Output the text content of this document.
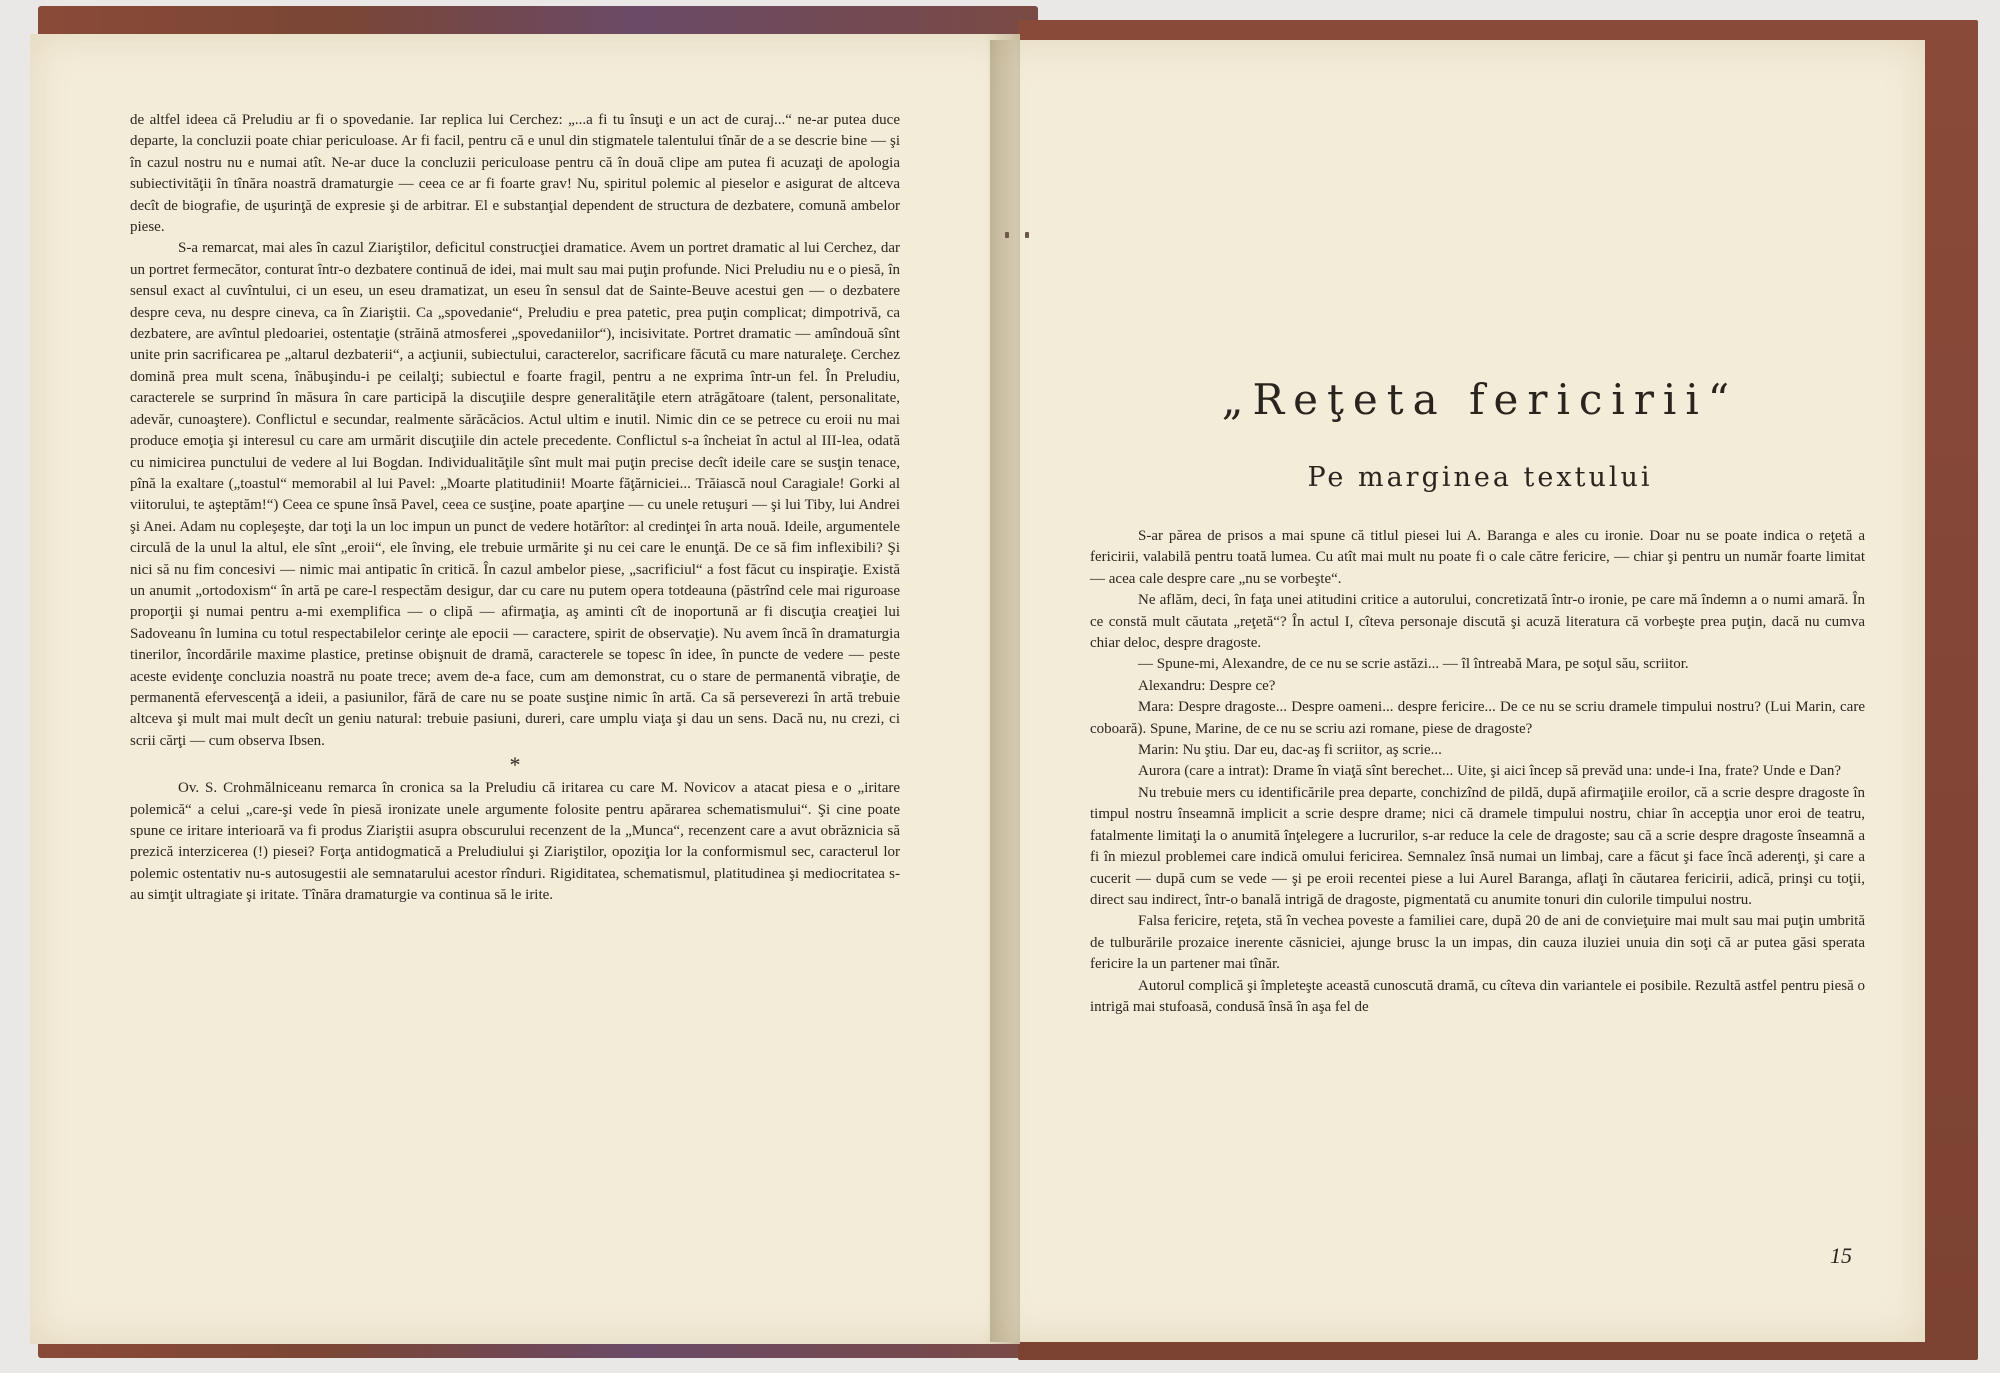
de altfel ideea că Preludiu ar fi o spovedanie. Iar replica lui Cerchez: „...a fi tu însuţi e un act de curaj...“ ne-ar putea duce departe, la concluzii poate chiar periculoase. Ar fi facil, pentru că e unul din stigmatele talentului tînăr de a se descrie bine — şi în cazul nostru nu e numai atît. Ne-ar duce la concluzii periculoase pentru că în două clipe am putea fi acuzaţi de apologia subiectivităţii în tînăra noastră dramaturgie — ceea ce ar fi foarte grav! Nu, spiritul polemic al pieselor e asigurat de altceva decît de biografie, de uşurinţă de expresie şi de arbitrar. El e substanţial dependent de structura de dezbatere, comună ambelor piese.

S-a remarcat, mai ales în cazul Ziariştilor, deficitul construcţiei dramatice. Avem un portret dramatic al lui Cerchez, dar un portret fermecător, conturat într-o dezbatere continuă de idei, mai mult sau mai puţin profunde. Nici Preludiu nu e o piesă, în sensul exact al cuvîntului, ci un eseu, un eseu dramatizat, un eseu în sensul dat de Sainte-Beuve acestui gen — o dezbatere despre ceva, nu despre cineva, ca în Ziariştii. Ca „spovedanie“, Preludiu e prea patetic, prea puţin complicat; dimpotrivă, ca dezbatere, are avîntul pledoariei, ostentaţie (străină atmosferei „spovedaniilor“), incisivitate. Portret dramatic — amîndouă sînt unite prin sacrificarea pe „altarul dezbaterii“, a acţiunii, subiectului, caracterelor, sacrificare făcută cu mare naturaleţe. Cerchez domină prea mult scena, înăbuşindu-i pe ceilalţi; subiectul e foarte fragil, pentru a ne exprima într-un fel. În Preludiu, caracterele se surprind în măsura în care participă la discuţiile despre generalităţile etern atrăgătoare (talent, personalitate, adevăr, cunoaştere). Conflictul e secundar, realmente sărăcăcios. Actul ultim e inutil. Nimic din ce se petrece cu eroii nu mai produce emoţia şi interesul cu care am urmărit discuţiile din actele precedente. Conflictul s-a încheiat în actul al III-lea, odată cu nimicirea punctului de vedere al lui Bogdan. Individualităţile sînt mult mai puţin precise decît ideile care se susţin tenace, pînă la exaltare („toastul“ memorabil al lui Pavel: „Moarte platitudinii! Moarte făţărniciei... Trăiască noul Caragiale! Gorki al viitorului, te aşteptăm!“) Ceea ce spune însă Pavel, ceea ce susţine, poate aparţine — cu unele retuşuri — şi lui Tiby, lui Andrei şi Anei. Adam nu copleşeşte, dar toţi la un loc impun un punct de vedere hotărîtor: al credinţei în arta nouă. Ideile, argumentele circulă de la unul la altul, ele sînt „eroii“, ele înving, ele trebuie urmărite şi nu cei care le enunţă. De ce să fim inflexibili? Şi nici să nu fim concesivi — nimic mai antipatic în critică. În cazul ambelor piese, „sacrificiul“ a fost făcut cu inspiraţie. Există un anumit „ortodoxism“ în artă pe care-l respectăm desigur, dar cu care nu putem opera totdeauna (păstrînd cele mai riguroase proporţii şi numai pentru a-mi exemplifica — o clipă — afirmaţia, aş aminti cît de inoportună ar fi discuţia creaţiei lui Sadoveanu în lumina cu totul respectabilelor cerinţe ale epocii — caractere, spirit de observaţie). Nu avem încă în dramaturgia tinerilor, încordările maxime plastice, pretinse obişnuit de dramă, caracterele se topesc în idee, în puncte de vedere — peste aceste evidenţe concluzia noastră nu poate trece; avem de-a face, cum am demonstrat, cu o stare de permanentă vibraţie, de permanentă efervescenţă a ideii, a pasiunilor, fără de care nu se poate susţine nimic în artă. Ca să perseverezi în artă trebuie altceva şi mult mai mult decît un geniu natural: trebuie pasiuni, dureri, care umplu viaţa şi dau un sens. Dacă nu, nu crezi, ci scrii cărţi — cum observa Ibsen.

*

Ov. S. Crohmălniceanu remarca în cronica sa la Preludiu că iritarea cu care M. Novicov a atacat piesa e o „iritare polemică“ a celui „care-şi vede în piesă ironizate unele argumente folosite pentru apărarea schematismului“. Şi cine poate spune ce iritare interioară va fi produs Ziariştii asupra obscurului recenzent de la „Munca“, recenzent care a avut obrăznicia să prezică interzicerea (!) piesei? Forţa antidogmatică a Preludiului şi Ziariştilor, opoziţia lor la conformismul sec, caracterul lor polemic ostentativ nu-s autosugestii ale semnatarului acestor rînduri. Rigiditatea, schematismul, platitudinea şi mediocritatea s-au simţit ultragiate şi iritate. Tînăra dramaturgie va continua să le irite.

„Reţeta fericirii“
Pe marginea textului

S-ar părea de prisos a mai spune că titlul piesei lui A. Baranga e ales cu ironie. Doar nu se poate indica o reţetă a fericirii, valabilă pentru toată lumea. Cu atît mai mult nu poate fi o cale către fericire, — chiar şi pentru un număr foarte limitat — acea cale despre care „nu se vorbeşte“.

Ne aflăm, deci, în faţa unei atitudini critice a autorului, concretizată într-o ironie, pe care mă îndemn a o numi amară. În ce constă mult căutata „reţetă“? În actul I, cîteva personaje discută şi acuză literatura că vorbeşte prea puţin, dacă nu cumva chiar deloc, despre dragoste.

— Spune-mi, Alexandre, de ce nu se scrie astăzi... — îl întreabă Mara, pe soţul său, scriitor.

Alexandru: Despre ce?

Mara: Despre dragoste... Despre oameni... despre fericire... De ce nu se scriu dramele timpului nostru? (Lui Marin, care coboară). Spune, Marine, de ce nu se scriu azi romane, piese de dragoste?

Marin: Nu ştiu. Dar eu, dac-aş fi scriitor, aş scrie...

Aurora (care a intrat): Drame în viaţă sînt berechet... Uite, şi aici încep să prevăd una: unde-i Ina, frate? Unde e Dan?

Nu trebuie mers cu identificările prea departe, conchizînd de pildă, după afirmaţiile eroilor, că a scrie despre dragoste în timpul nostru înseamnă implicit a scrie despre drame; nici că dramele timpului nostru, chiar în accepţia unor eroi de teatru, fatalmente limitaţi la o anumită înţelegere a lucrurilor, s-ar reduce la cele de dragoste; sau că a scrie despre dragoste înseamnă a fi în miezul problemei care indică omului fericirea. Semnalez însă numai un limbaj, care a făcut şi face încă aderenţi, şi care a cucerit — după cum se vede — şi pe eroii recentei piese a lui Aurel Baranga, aflaţi în căutarea fericirii, adică, prinşi cu toţii, direct sau indirect, într-o banală intrigă de dragoste, pigmentată cu anumite tonuri din culorile timpului nostru.

Falsa fericire, reţeta, stă în vechea poveste a familiei care, după 20 de ani de convieţuire mai mult sau mai puţin umbrită de tulburările prozaice inerente căsniciei, ajunge brusc la un impas, din cauza iluziei unuia din soţi că ar putea găsi sperata fericire la un partener mai tînăr.

Autorul complică şi împleteşte această cunoscută dramă, cu cîteva din variantele ei posibile. Rezultă astfel pentru piesă o intrigă mai stufoasă, condusă însă în aşa fel de

15
